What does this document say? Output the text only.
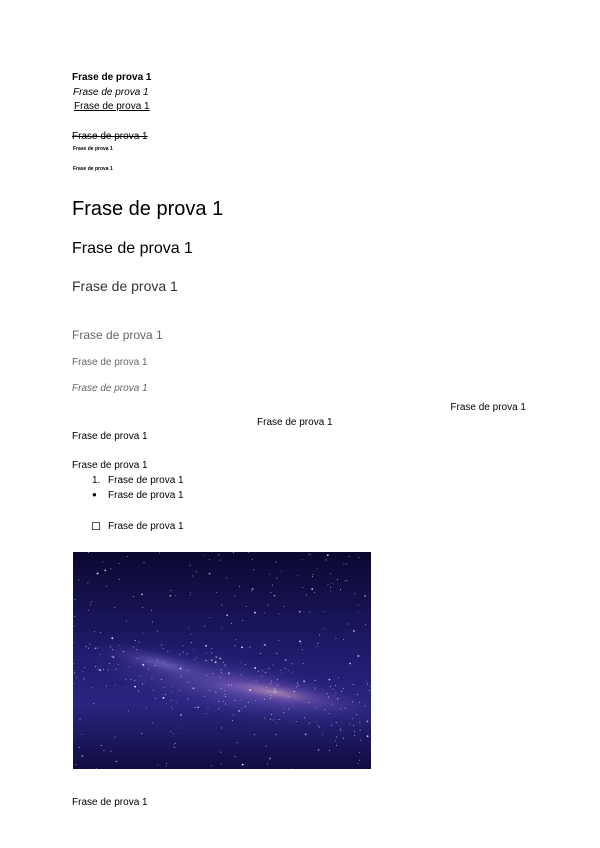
Frase de prova 1
Frase de prova 1
Frase de prova 1
Frase de prova 1
Frase de prova 1
Frase de prova 1
Frase de prova 1
Frase de prova 1
Frase de prova 1
Frase de prova 1
Frase de prova 1
Frase de prova 1
Frase de prova 1
Frase de prova 1
Frase de prova 1
Frase de prova 1
1. Frase de prova 1
● Frase de prova 1
Frase de prova 1
Frase de prova 1
